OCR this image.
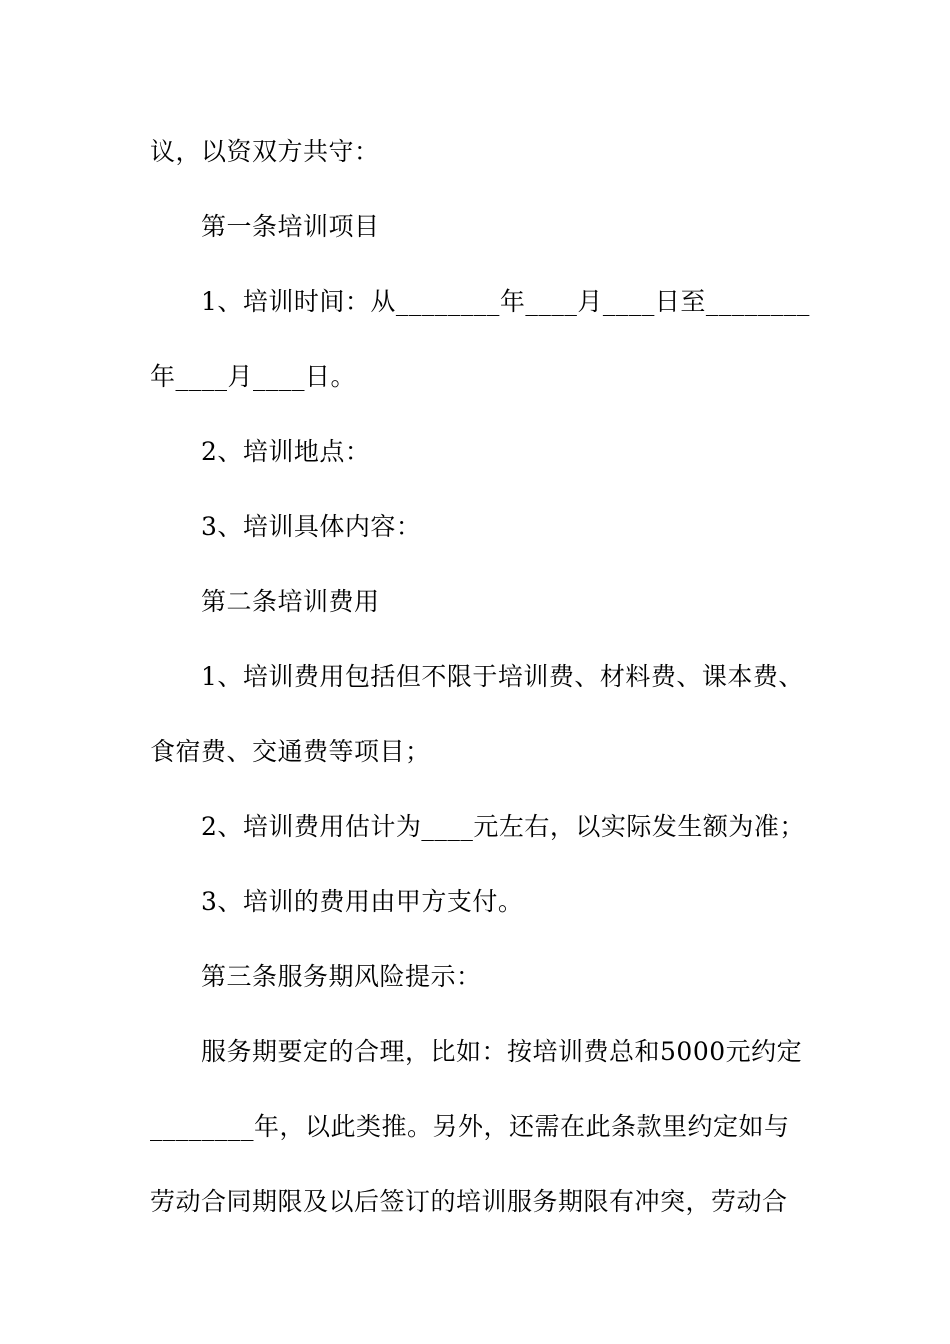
议，以资双方共守：
第一条培训项目
1、培训时间：从________年____月____日至________
年____月____日。
2、培训地点：
3、培训具体内容：
第二条培训费用
1、培训费用包括但不限于培训费、材料费、课本费、
食宿费、交通费等项目；
2、培训费用估计为____元左右，以实际发生额为准；
3、培训的费用由甲方支付。
第三条服务期风险提示：
服务期要定的合理，比如：按培训费总和5000元约定
________年，以此类推。另外，还需在此条款里约定如与
劳动合同期限及以后签订的培训服务期限有冲突，劳动合
